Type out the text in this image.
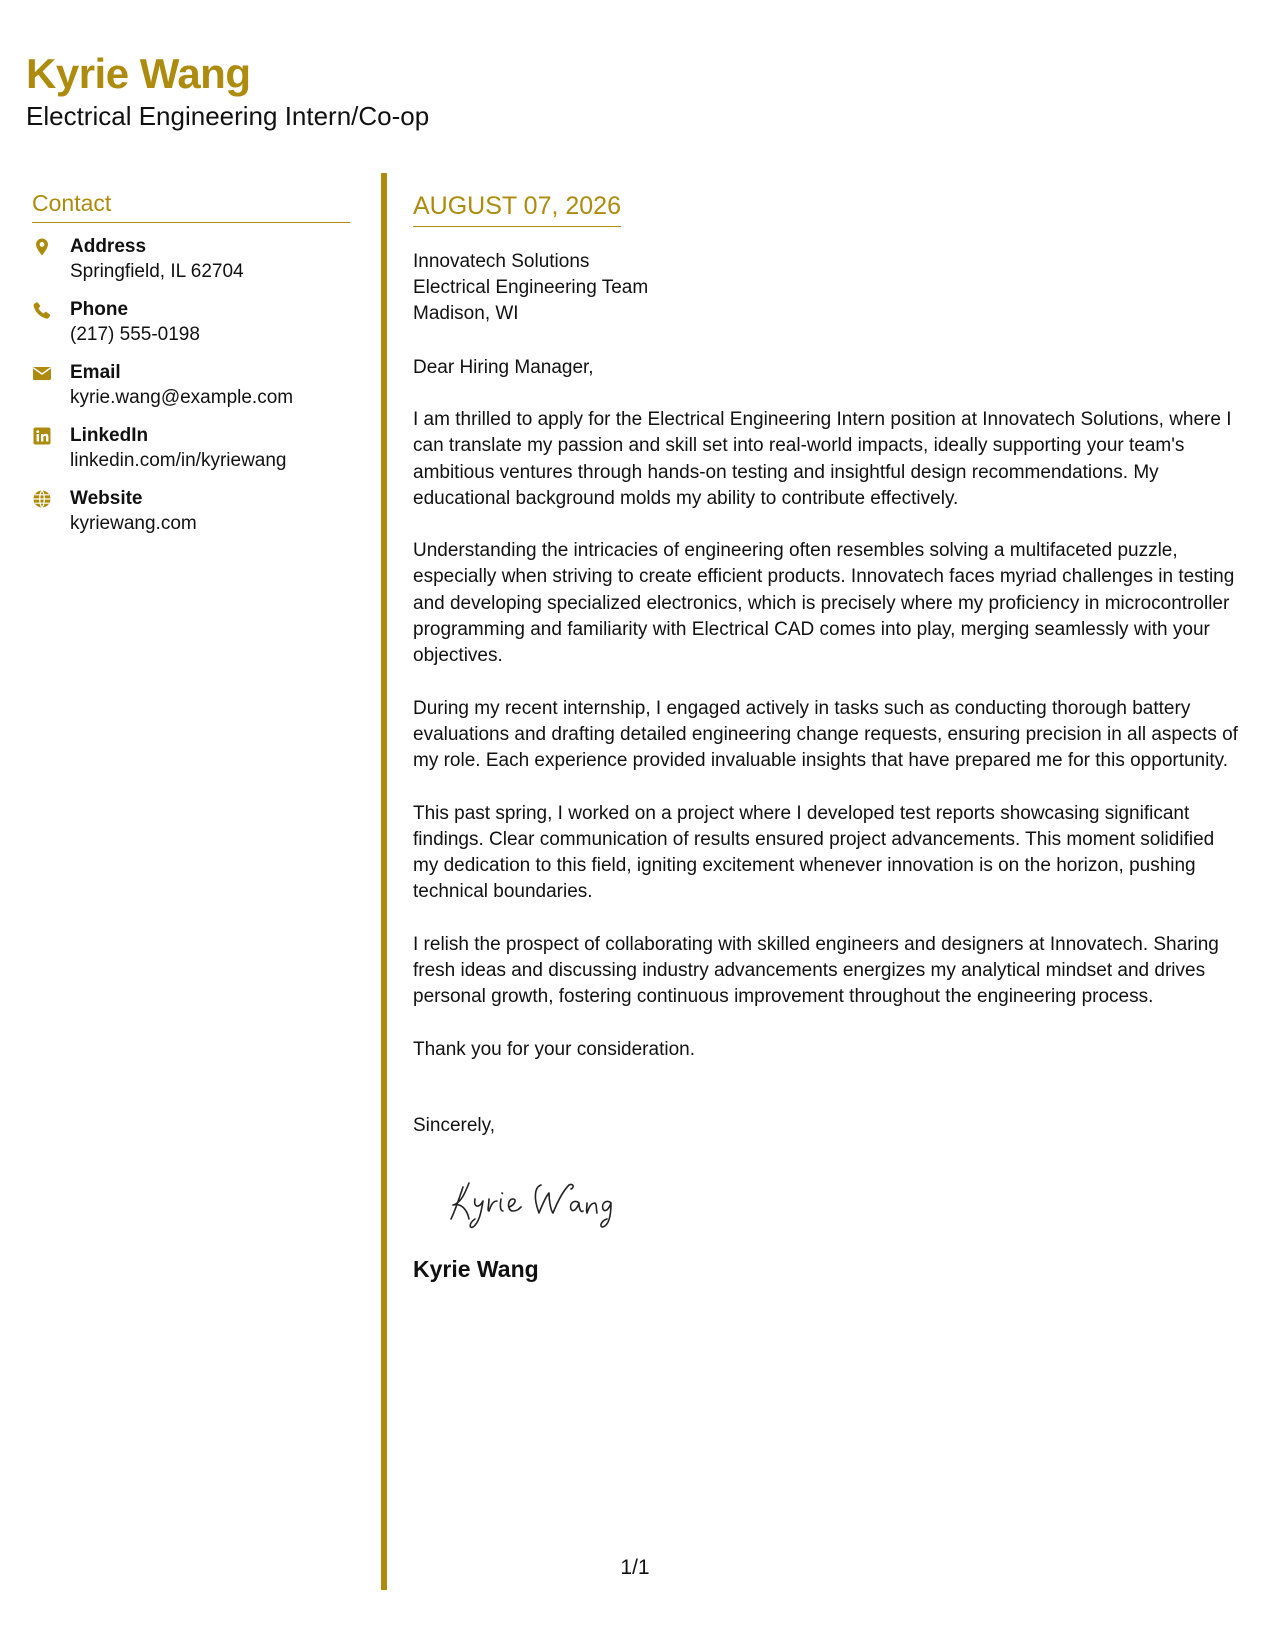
Kyrie Wang
Electrical Engineering Intern/Co-op
Contact
Address
Springfield, IL 62704
Phone
(217) 555-0198
Email
kyrie.wang@example.com
LinkedIn
linkedin.com/in/kyriewang
Website
kyriewang.com
AUGUST 07, 2026
Innovatech Solutions
Electrical Engineering Team
Madison, WI
Dear Hiring Manager,

I am thrilled to apply for the Electrical Engineering Intern position at Innovatech Solutions, where I can translate my passion and skill set into real-world impacts, ideally supporting your team's ambitious ventures through hands-on testing and insightful design recommendations. My educational background molds my ability to contribute effectively.

Understanding the intricacies of engineering often resembles solving a multifaceted puzzle, especially when striving to create efficient products. Innovatech faces myriad challenges in testing and developing specialized electronics, which is precisely where my proficiency in microcontroller programming and familiarity with Electrical CAD comes into play, merging seamlessly with your objectives.

During my recent internship, I engaged actively in tasks such as conducting thorough battery evaluations and drafting detailed engineering change requests, ensuring precision in all aspects of my role. Each experience provided invaluable insights that have prepared me for this opportunity.

This past spring, I worked on a project where I developed test reports showcasing significant findings. Clear communication of results ensured project advancements. This moment solidified my dedication to this field, igniting excitement whenever innovation is on the horizon, pushing technical boundaries.

I relish the prospect of collaborating with skilled engineers and designers at Innovatech. Sharing fresh ideas and discussing industry advancements energizes my analytical mindset and drives personal growth, fostering continuous improvement throughout the engineering process.

Thank you for your consideration.

Sincerely,
Kyrie Wang
1/1
